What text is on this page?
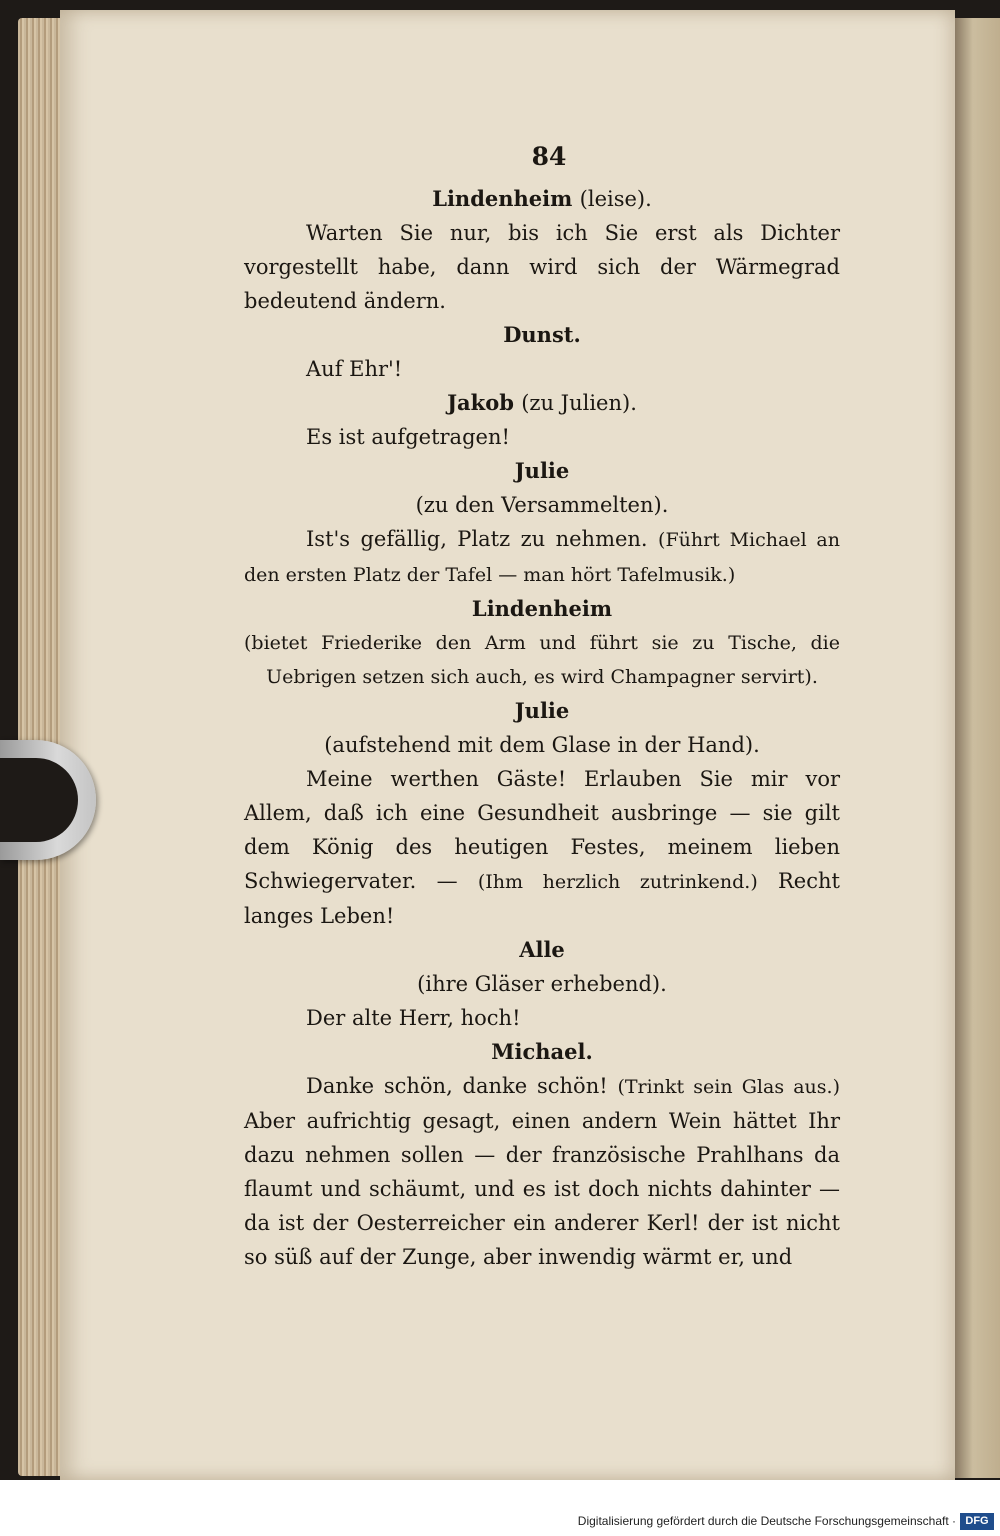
84
Lindenheim (leise).
Warten Sie nur, bis ich Sie erst als Dichter vorgestellt habe, dann wird sich der Wärmegrad bedeutend ändern.
Dunst.
Auf Ehr'!
Jakob (zu Julien).
Es ist aufgetragen!
Julie
(zu den Versammelten).
Ist's gefällig, Platz zu nehmen. (Führt Michael an den ersten Platz der Tafel — man hört Tafelmusik.)
Lindenheim
(bietet Friederike den Arm und führt sie zu Tische, die Uebrigen setzen sich auch, es wird Champagner servirt).
Julie
(aufstehend mit dem Glase in der Hand).
Meine werthen Gäste! Erlauben Sie mir vor Allem, daß ich eine Gesundheit ausbringe — sie gilt dem König des heutigen Festes, meinem lieben Schwiegervater. — (Ihm herzlich zutrinkend.) Recht langes Leben!
Alle
(ihre Gläser erhebend).
Der alte Herr, hoch!
Michael.
Danke schön, danke schön! (Trinkt sein Glas aus.) Aber aufrichtig gesagt, einen andern Wein hättet Ihr dazu nehmen sollen — der französische Prahlhans da flaumt und schäumt, und es ist doch nichts dahinter — da ist der Oesterreicher ein anderer Kerl! der ist nicht so süß auf der Zunge, aber inwendig wärmt er, und
Digitalisierung gefördert durch die Deutsche Forschungsgemeinschaft · DFG
